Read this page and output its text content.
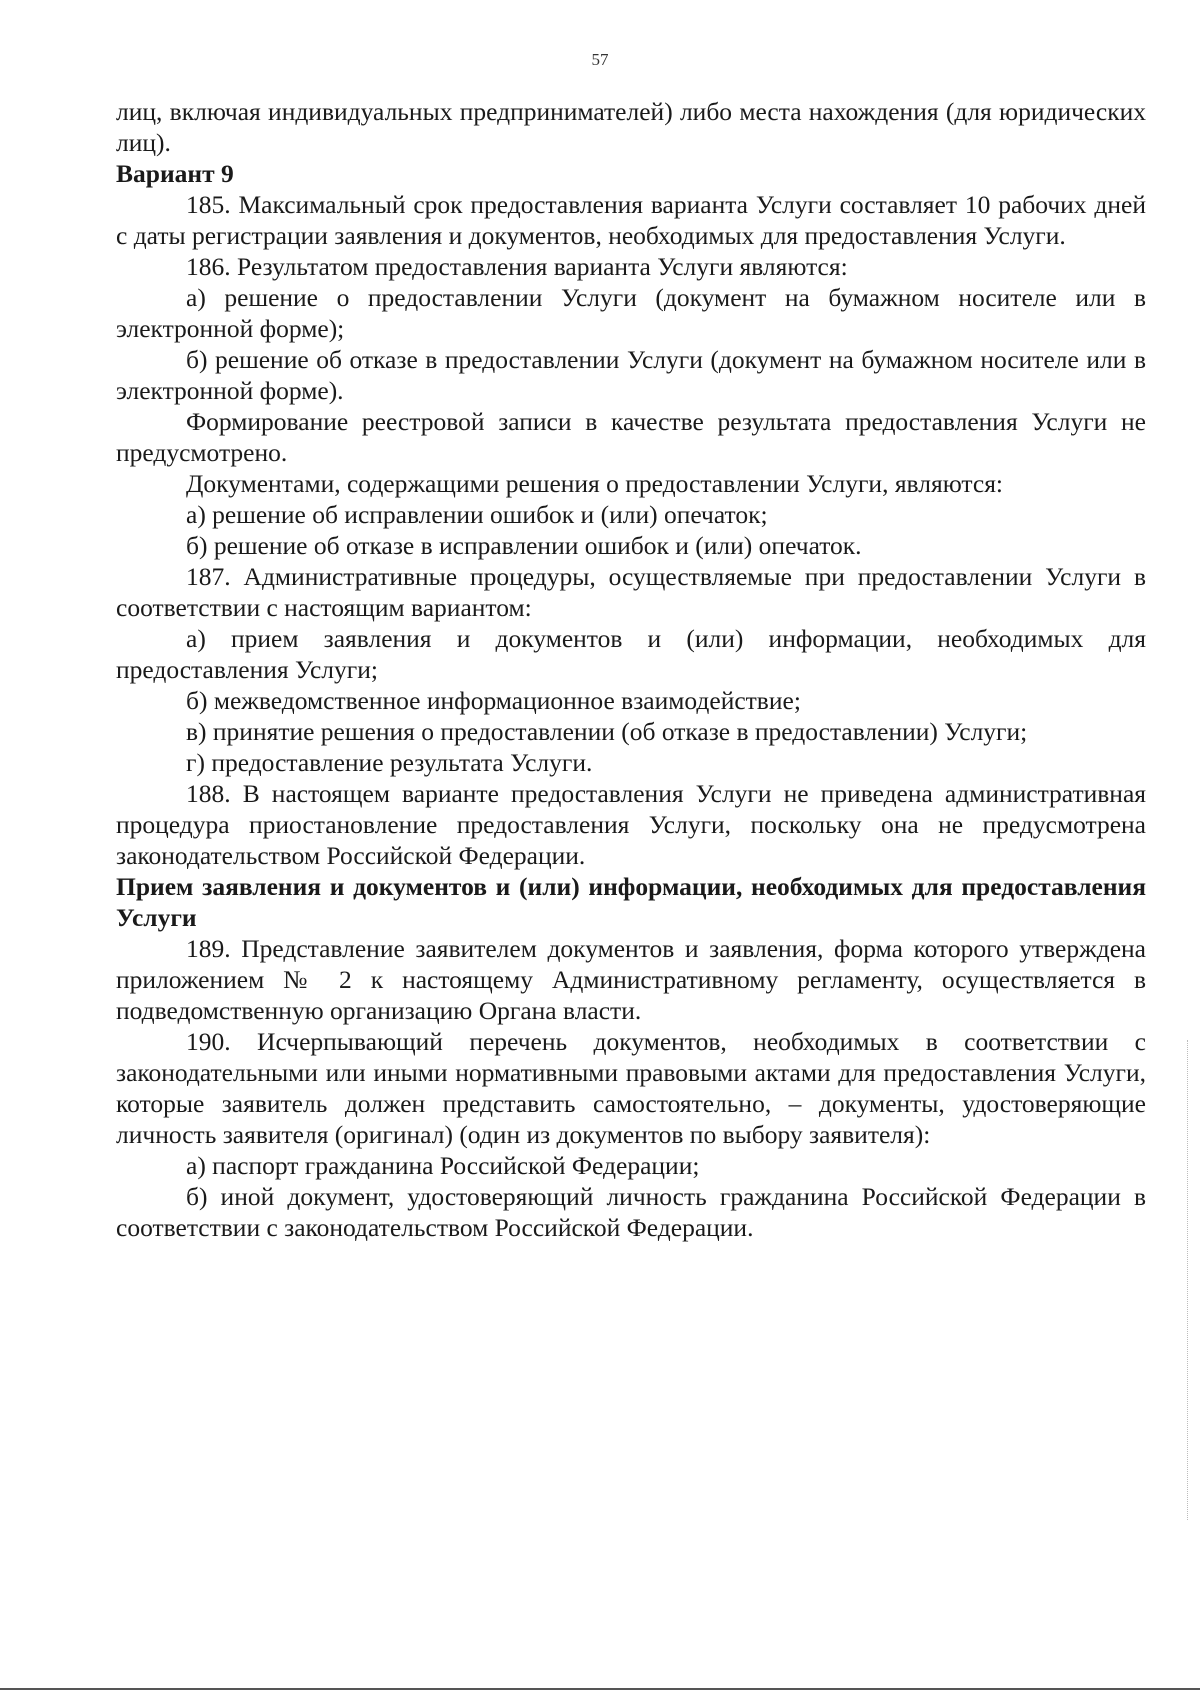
57

лиц, включая индивидуальных предпринимателей) либо места нахождения (для юридических лиц).

Вариант 9

185. Максимальный срок предоставления варианта Услуги составляет 10 рабочих дней с даты регистрации заявления и документов, необходимых для предоставления Услуги.

186. Результатом предоставления варианта Услуги являются:

а) решение о предоставлении Услуги (документ на бумажном носителе или в электронной форме);

б) решение об отказе в предоставлении Услуги (документ на бумажном носителе или в электронной форме).

Формирование реестровой записи в качестве результата предоставления Услуги не предусмотрено.

Документами, содержащими решения о предоставлении Услуги, являются:

а) решение об исправлении ошибок и (или) опечаток;

б) решение об отказе в исправлении ошибок и (или) опечаток.

187. Административные процедуры, осуществляемые при предоставлении Услуги в соответствии с настоящим вариантом:

а) прием заявления и документов и (или) информации, необходимых для предоставления Услуги;

б) межведомственное информационное взаимодействие;

в) принятие решения о предоставлении (об отказе в предоставлении) Услуги;

г) предоставление результата Услуги.

188. В настоящем варианте предоставления Услуги не приведена административная процедура приостановление предоставления Услуги, поскольку она не предусмотрена законодательством Российской Федерации.

Прием заявления и документов и (или) информации, необходимых для предоставления Услуги

189. Представление заявителем документов и заявления, форма которого утверждена приложением № 2 к настоящему Административному регламенту, осуществляется в подведомственную организацию Органа власти.

190. Исчерпывающий перечень документов, необходимых в соответствии с законодательными или иными нормативными правовыми актами для предоставления Услуги, которые заявитель должен представить самостоятельно, – документы, удостоверяющие личность заявителя (оригинал) (один из документов по выбору заявителя):

а) паспорт гражданина Российской Федерации;

б) иной документ, удостоверяющий личность гражданина Российской Федерации в соответствии с законодательством Российской Федерации.
